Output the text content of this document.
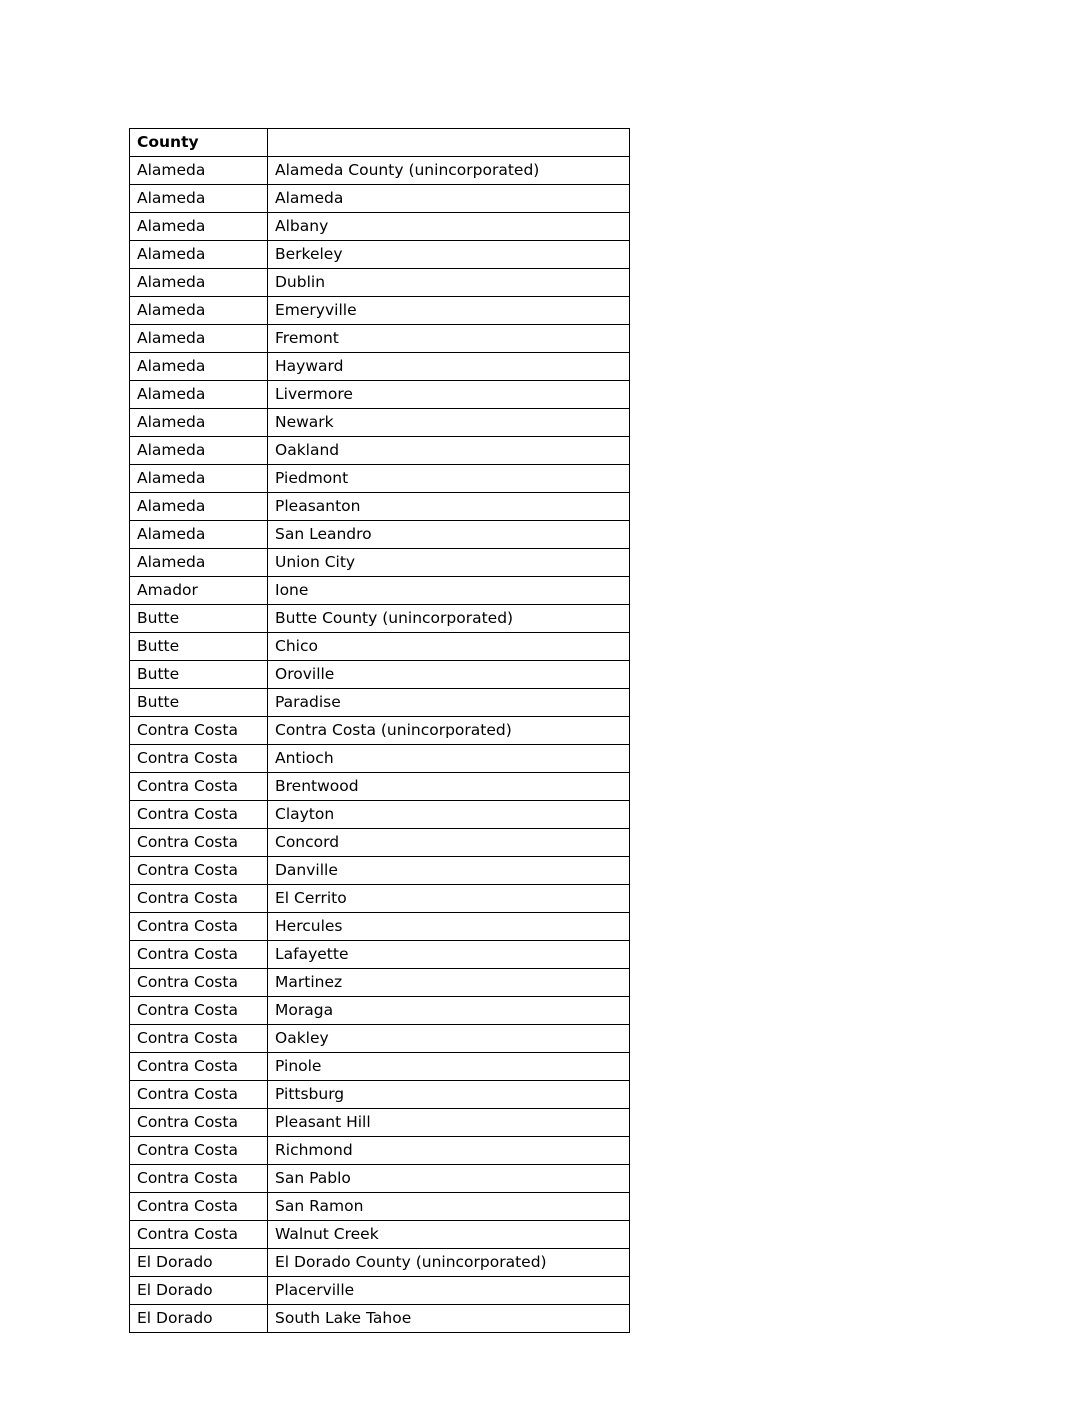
County	
Alameda	Alameda County (unincorporated)
Alameda	Alameda
Alameda	Albany
Alameda	Berkeley
Alameda	Dublin
Alameda	Emeryville
Alameda	Fremont
Alameda	Hayward
Alameda	Livermore
Alameda	Newark
Alameda	Oakland
Alameda	Piedmont
Alameda	Pleasanton
Alameda	San Leandro
Alameda	Union City
Amador	Ione
Butte	Butte County (unincorporated)
Butte	Chico
Butte	Oroville
Butte	Paradise
Contra Costa	Contra Costa (unincorporated)
Contra Costa	Antioch
Contra Costa	Brentwood
Contra Costa	Clayton
Contra Costa	Concord
Contra Costa	Danville
Contra Costa	El Cerrito
Contra Costa	Hercules
Contra Costa	Lafayette
Contra Costa	Martinez
Contra Costa	Moraga
Contra Costa	Oakley
Contra Costa	Pinole
Contra Costa	Pittsburg
Contra Costa	Pleasant Hill
Contra Costa	Richmond
Contra Costa	San Pablo
Contra Costa	San Ramon
Contra Costa	Walnut Creek
El Dorado	El Dorado County (unincorporated)
El Dorado	Placerville
El Dorado	South Lake Tahoe
